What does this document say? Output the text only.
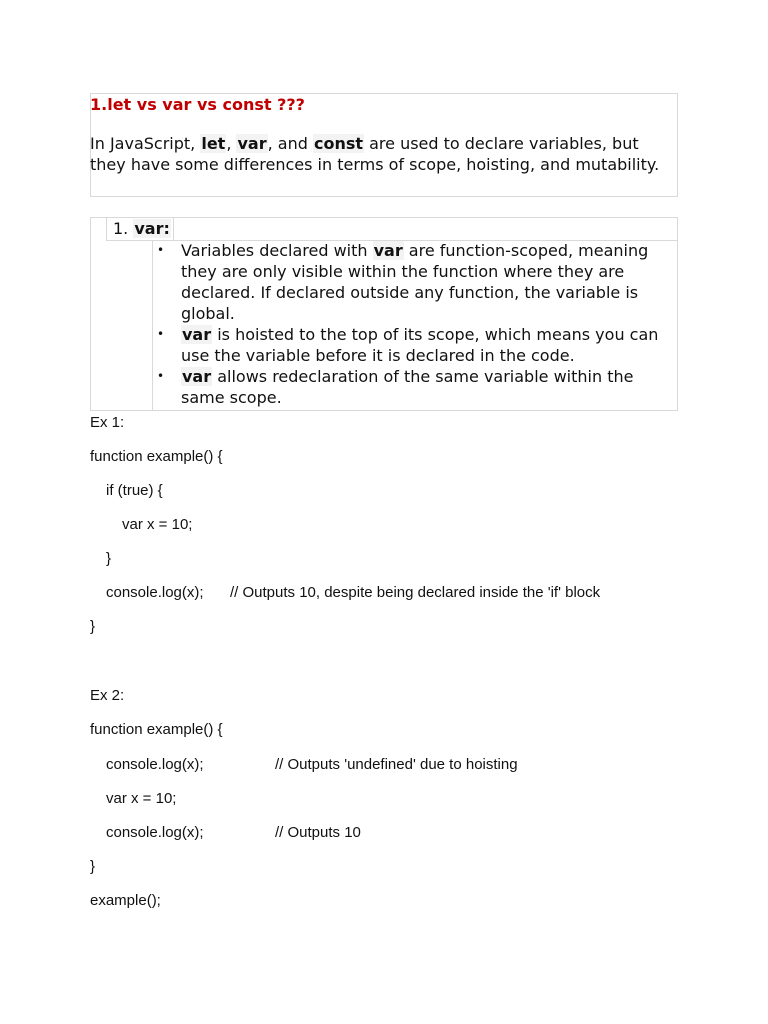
1.let vs var vs const ???
In JavaScript, let, var, and const are used to declare variables, but they have some differences in terms of scope, hoisting, and mutability.
1. var:
• Variables declared with var are function-scoped, meaning they are only visible within the function where they are declared. If declared outside any function, the variable is global.
• var is hoisted to the top of its scope, which means you can use the variable before it is declared in the code.
• var allows redeclaration of the same variable within the same scope.
Ex 1:
function example() {
if (true) {
var x = 10;
}
console.log(x);	// Outputs 10, despite being declared inside the 'if' block
}
Ex 2:
function example() {
console.log(x);	// Outputs 'undefined' due to hoisting
var x = 10;
console.log(x);	// Outputs 10
}
example();
